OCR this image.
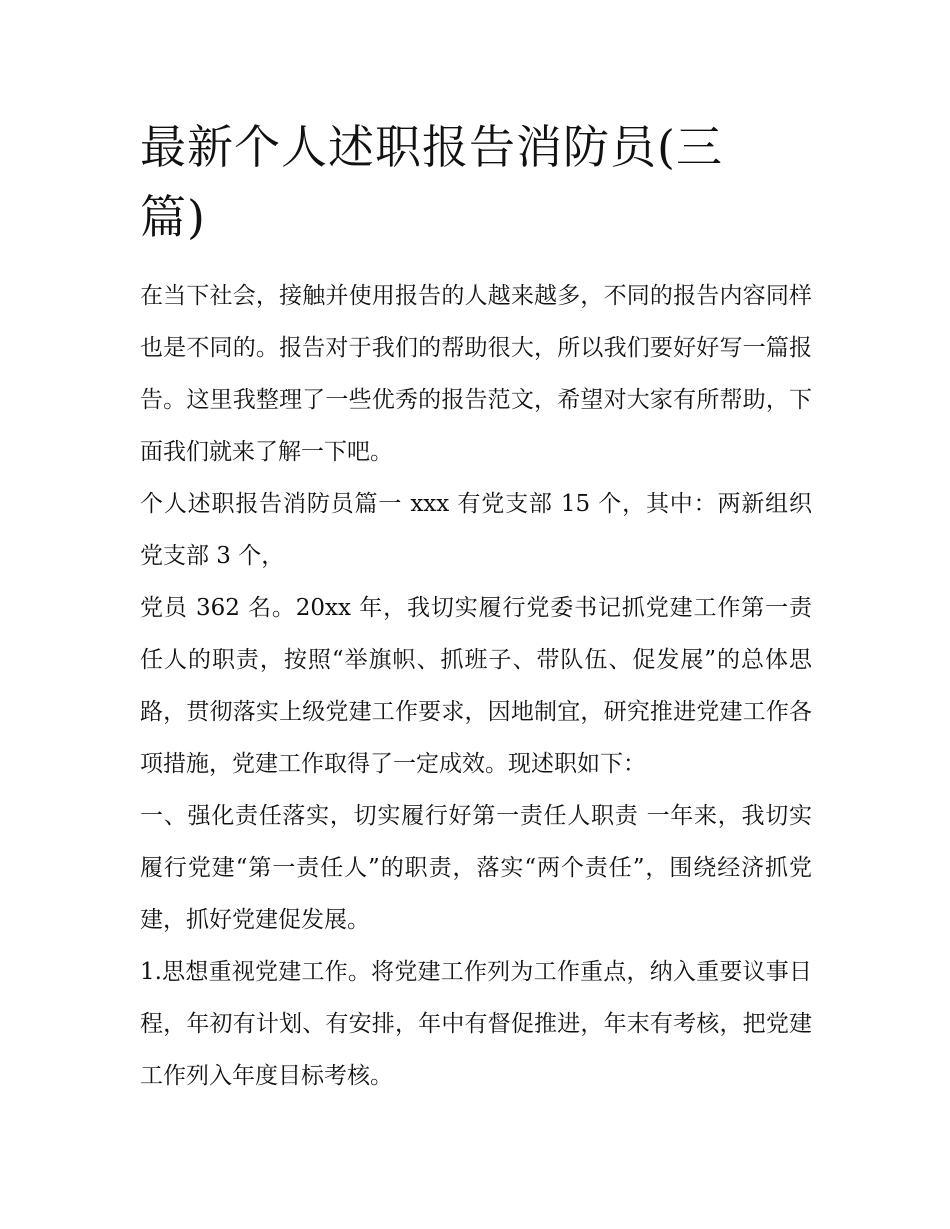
最新个人述职报告消防员(三篇)

在当下社会，接触并使用报告的人越来越多，不同的报告内容同样也是不同的。报告对于我们的帮助很大，所以我们要好好写一篇报告。这里我整理了一些优秀的报告范文，希望对大家有所帮助，下面我们就来了解一下吧。

个人述职报告消防员篇一 xxx 有党支部 15 个，其中：两新组织党支部 3 个，

党员 362 名。20xx 年，我切实履行党委书记抓党建工作第一责任人的职责，按照“举旗帜、抓班子、带队伍、促发展”的总体思路，贯彻落实上级党建工作要求，因地制宜，研究推进党建工作各项措施，党建工作取得了一定成效。现述职如下：

一、强化责任落实，切实履行好第一责任人职责 一年来，我切实履行党建“第一责任人”的职责，落实“两个责任”，围绕经济抓党建，抓好党建促发展。

1.思想重视党建工作。将党建工作列为工作重点，纳入重要议事日程，年初有计划、有安排，年中有督促推进，年末有考核，把党建工作列入年度目标考核。
